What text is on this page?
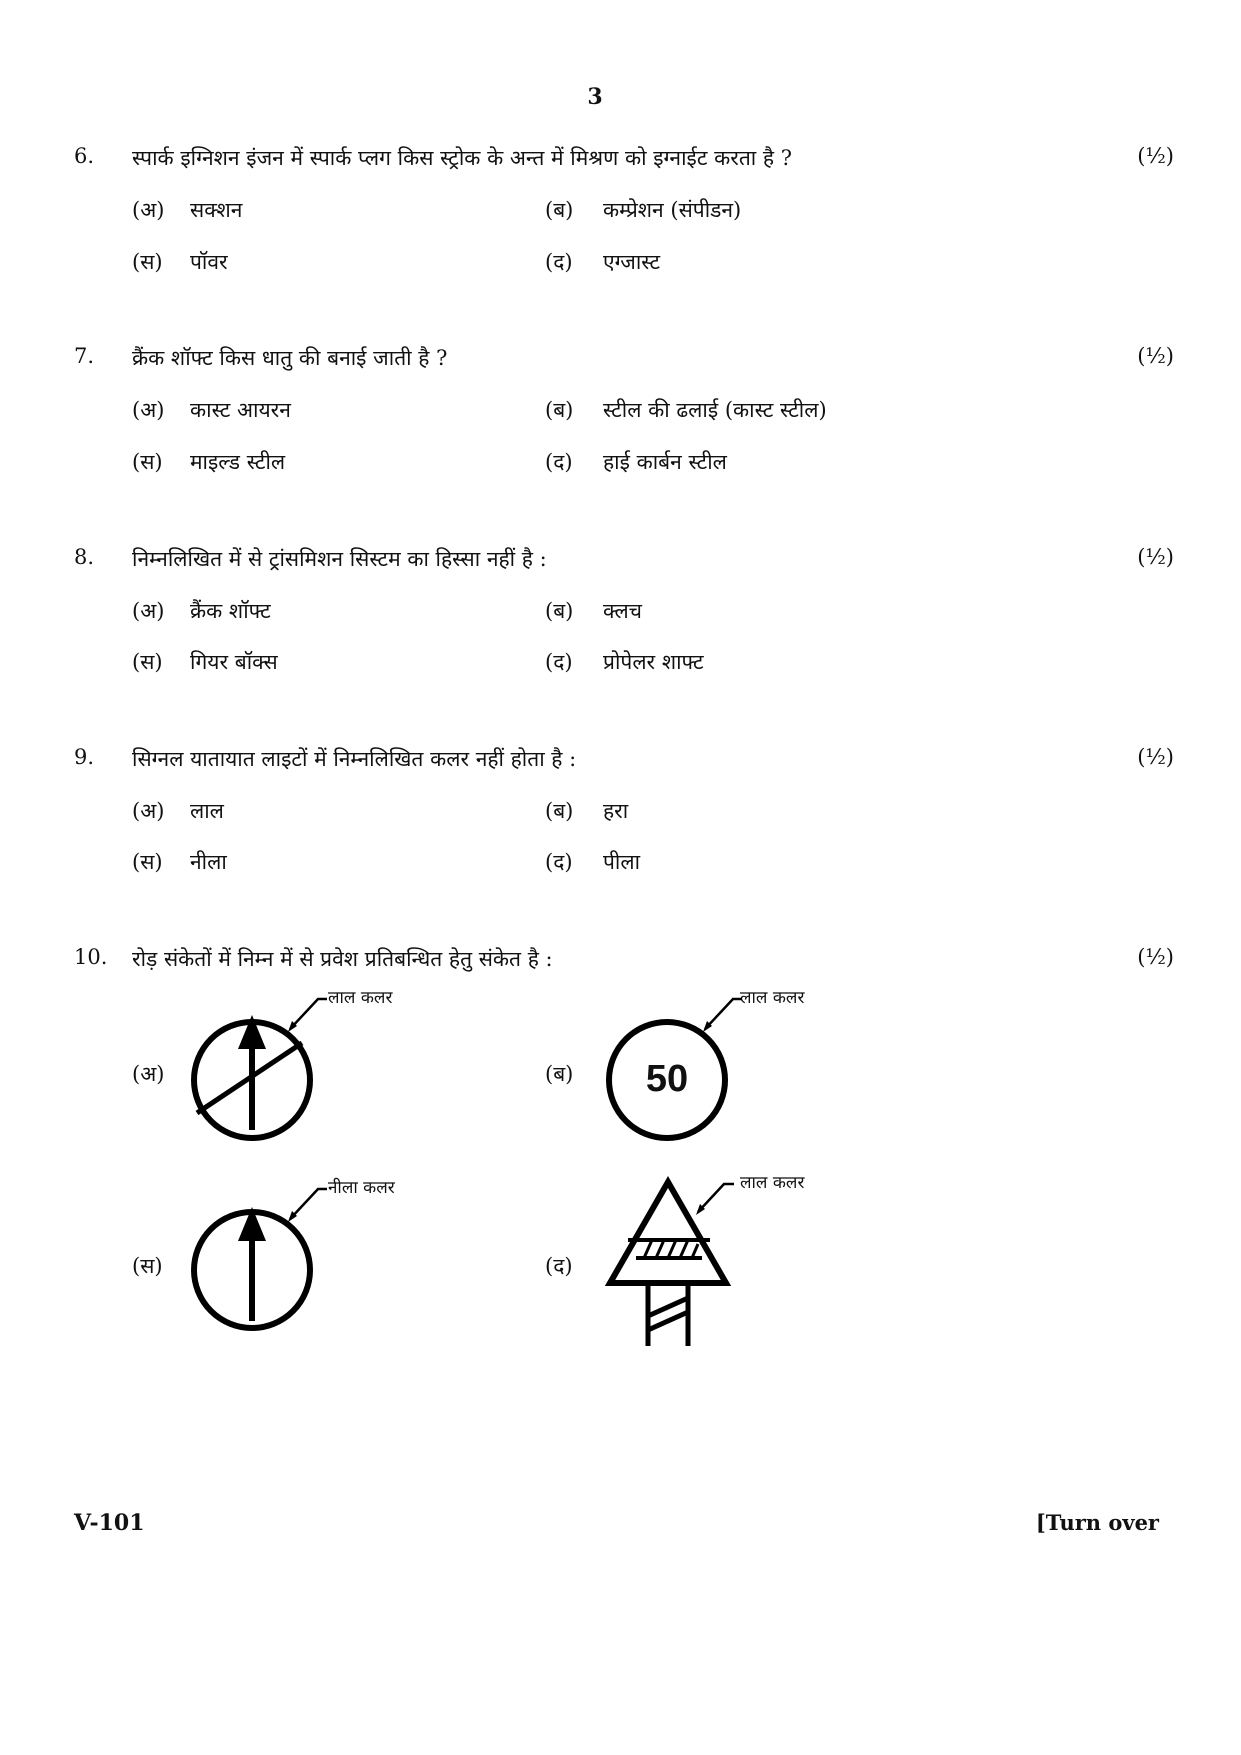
3
6. स्पार्क इग्निशन इंजन में स्पार्क प्लग किस स्ट्रोक के अन्त में मिश्रण को इग्नाईट करता है ?	(½)
(अ) सक्शन	(ब) कम्प्रेशन (संपीडन)
(स) पॉवर	(द) एग्जास्ट
7. क्रैंक शॉफ्ट किस धातु की बनाई जाती है ?	(½)
(अ) कास्ट आयरन	(ब) स्टील की ढलाई (कास्ट स्टील)
(स) माइल्ड स्टील	(द) हाई कार्बन स्टील
8. निम्नलिखित में से ट्रांसमिशन सिस्टम का हिस्सा नहीं है :	(½)
(अ) क्रैंक शॉफ्ट	(ब) क्लच
(स) गियर बॉक्स	(द) प्रोपेलर शाफ्ट
9. सिग्नल यातायात लाइटों में निम्नलिखित कलर नहीं होता है :	(½)
(अ) लाल	(ब) हरा
(स) नीला	(द) पीला
10. रोड़ संकेतों में निम्न में से प्रवेश प्रतिबन्धित हेतु संकेत है :	(½)
(अ)
लाल कलर
(ब)
लाल कलर
50
(स)
नीला कलर
(द)
लाल कलर
V-101	[Turn over
